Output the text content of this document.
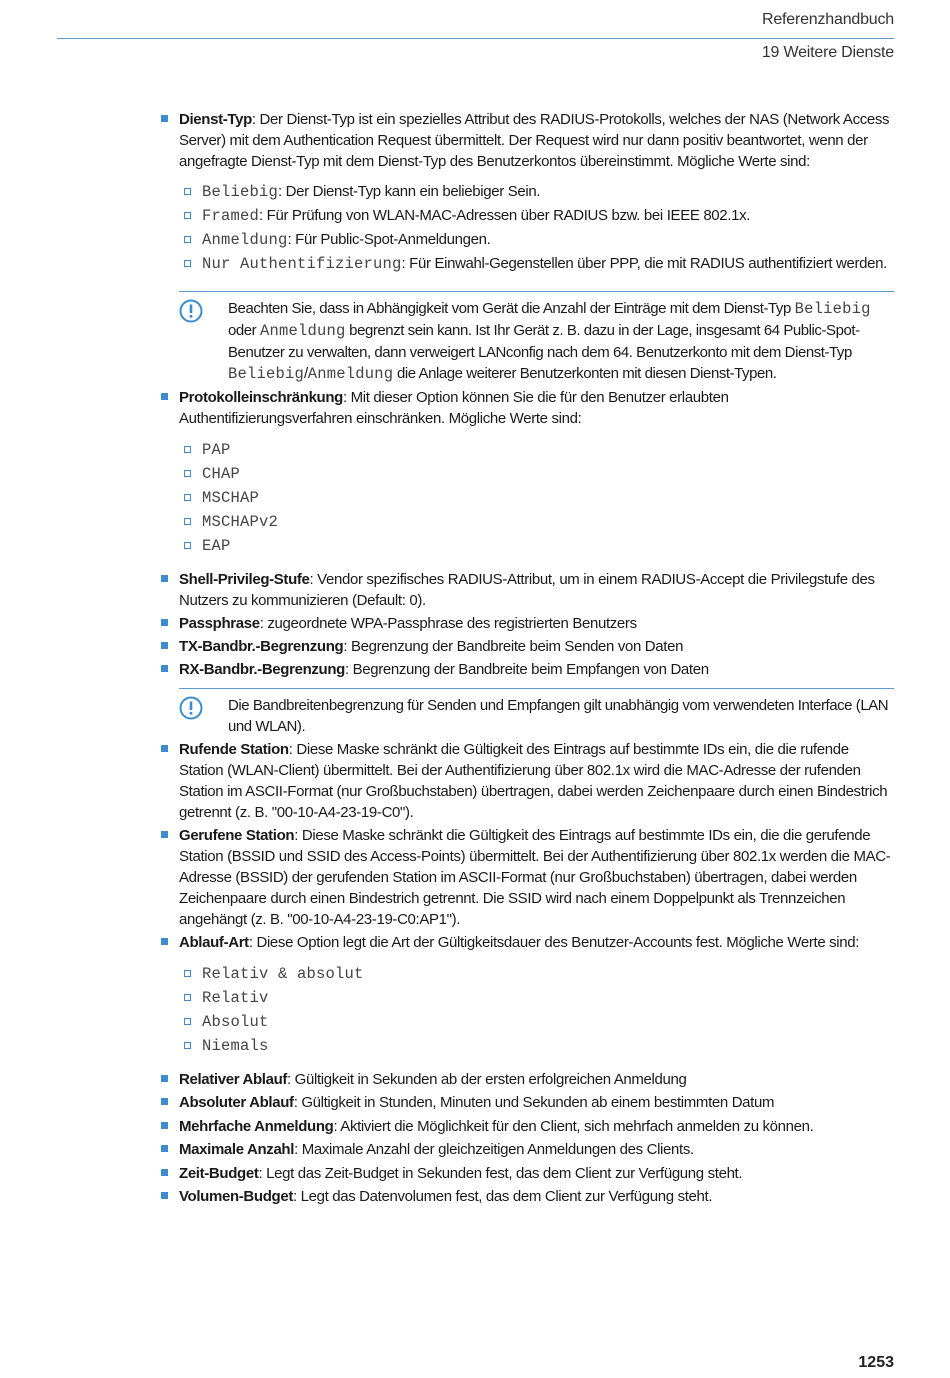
Referenzhandbuch
19 Weitere Dienste
Dienst-Typ: Der Dienst-Typ ist ein spezielles Attribut des RADIUS-Protokolls, welches der NAS (Network Access Server) mit dem Authentication Request übermittelt. Der Request wird nur dann positiv beantwortet, wenn der angefragte Dienst-Typ mit dem Dienst-Typ des Benutzerkontos übereinstimmt. Mögliche Werte sind:
Beliebig: Der Dienst-Typ kann ein beliebiger Sein.
Framed: Für Prüfung von WLAN-MAC-Adressen über RADIUS bzw. bei IEEE 802.1x.
Anmeldung: Für Public-Spot-Anmeldungen.
Nur Authentifizierung: Für Einwahl-Gegenstellen über PPP, die mit RADIUS authentifiziert werden.
Beachten Sie, dass in Abhängigkeit vom Gerät die Anzahl der Einträge mit dem Dienst-Typ Beliebig oder Anmeldung begrenzt sein kann. Ist Ihr Gerät z. B. dazu in der Lage, insgesamt 64 Public-Spot-Benutzer zu verwalten, dann verweigert LANconfig nach dem 64. Benutzerkonto mit dem Dienst-Typ Beliebig/Anmeldung die Anlage weiterer Benutzerkonten mit diesen Dienst-Typen.
Protokolleinschränkung: Mit dieser Option können Sie die für den Benutzer erlaubten Authentifizierungsverfahren einschränken. Mögliche Werte sind:
PAP
CHAP
MSCHAP
MSCHAPv2
EAP
Shell-Privileg-Stufe: Vendor spezifisches RADIUS-Attribut, um in einem RADIUS-Accept die Privilegstufe des Nutzers zu kommunizieren (Default: 0).
Passphrase: zugeordnete WPA-Passphrase des registrierten Benutzers
TX-Bandbr.-Begrenzung: Begrenzung der Bandbreite beim Senden von Daten
RX-Bandbr.-Begrenzung: Begrenzung der Bandbreite beim Empfangen von Daten
Die Bandbreitenbegrenzung für Senden und Empfangen gilt unabhängig vom verwendeten Interface (LAN und WLAN).
Rufende Station: Diese Maske schränkt die Gültigkeit des Eintrags auf bestimmte IDs ein, die die rufende Station (WLAN-Client) übermittelt. Bei der Authentifizierung über 802.1x wird die MAC-Adresse der rufenden Station im ASCII-Format (nur Großbuchstaben) übertragen, dabei werden Zeichenpaare durch einen Bindestrich getrennt (z. B. "00-10-A4-23-19-C0").
Gerufene Station: Diese Maske schränkt die Gültigkeit des Eintrags auf bestimmte IDs ein, die die gerufende Station (BSSID und SSID des Access-Points) übermittelt. Bei der Authentifizierung über 802.1x werden die MAC-Adresse (BSSID) der gerufenden Station im ASCII-Format (nur Großbuchstaben) übertragen, dabei werden Zeichenpaare durch einen Bindestrich getrennt. Die SSID wird nach einem Doppelpunkt als Trennzeichen angehängt (z. B. "00-10-A4-23-19-C0:AP1").
Ablauf-Art: Diese Option legt die Art der Gültigkeitsdauer des Benutzer-Accounts fest. Mögliche Werte sind:
Relativ & absolut
Relativ
Absolut
Niemals
Relativer Ablauf: Gültigkeit in Sekunden ab der ersten erfolgreichen Anmeldung
Absoluter Ablauf: Gültigkeit in Stunden, Minuten und Sekunden ab einem bestimmten Datum
Mehrfache Anmeldung: Aktiviert die Möglichkeit für den Client, sich mehrfach anmelden zu können.
Maximale Anzahl: Maximale Anzahl der gleichzeitigen Anmeldungen des Clients.
Zeit-Budget: Legt das Zeit-Budget in Sekunden fest, das dem Client zur Verfügung steht.
Volumen-Budget: Legt das Datenvolumen fest, das dem Client zur Verfügung steht.
1253
